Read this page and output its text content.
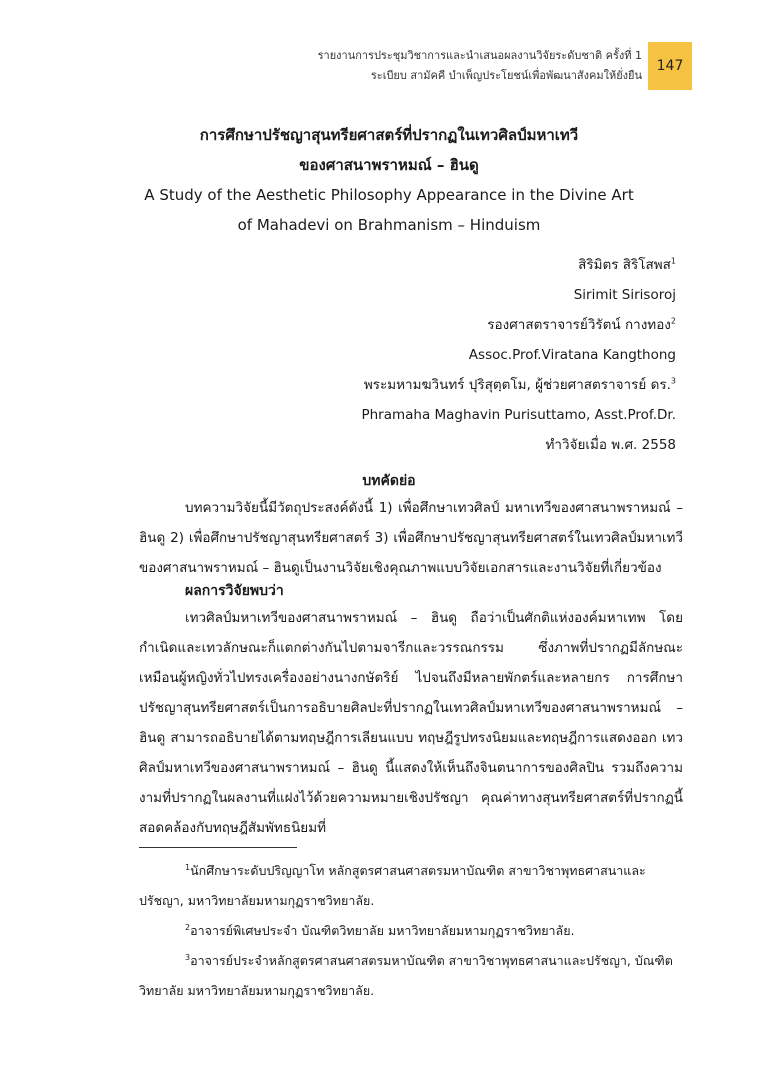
รายงานการประชุมวิชาการและนำเสนอผลงานวิจัยระดับชาติ ครั้งที่ 1
ระเบียบ สามัคคี บำเพ็ญประโยชน์เพื่อพัฒนาสังคมให้ยั่งยืน
147
การศึกษาปรัชญาสุนทรียศาสตร์ที่ปรากฏในเทวศิลป์มหาเทวี
ของศาสนาพราหมณ์ – ฮินดู
A Study of the Aesthetic Philosophy Appearance in the Divine Art
of Mahadevi on Brahmanism – Hinduism
สิริมิตร สิริโสพส$^1$
Sirimit Sirisoroj
รองศาสตราจารย์วิรัตน์ กางทอง$^2$
Assoc.Prof.Viratana Kangthong
พระมหามฆวินทร์ ปุริสุตฺตโม, ผู้ช่วยศาสตราจารย์ ดร.$^3$
Phramaha Maghavin Purisuttamo, Asst.Prof.Dr.
ทำวิจัยเมื่อ พ.ศ. 2558
บทคัดย่อ
บทความวิจัยนี้มีวัตถุประสงค์ดังนี้ 1) เพื่อศึกษาเทวศิลป์ มหาเทวีของศาสนาพราหมณ์ – ฮินดู 2) เพื่อศึกษาปรัชญาสุนทรียศาสตร์ 3) เพื่อศึกษาปรัชญาสุนทรียศาสตร์ในเทวศิลป์มหาเทวีของศาสนาพราหมณ์ – ฮินดูเป็นงานวิจัยเชิงคุณภาพแบบวิจัยเอกสารและงานวิจัยที่เกี่ยวข้อง
ผลการวิจัยพบว่า
เทวศิลป์มหาเทวีของศาสนาพราหมณ์ – ฮินดู ถือว่าเป็นศักติแห่งองค์มหาเทพ โดยกำเนิดและเทวลักษณะก็แตกต่างกันไปตามจารีกและวรรณกรรม ซึ่งภาพที่ปรากฏมีลักษณะเหมือนผู้หญิงทั่วไปทรงเครื่องอย่างนางกษัตริย์ ไปจนถึงมีหลายพักตร์และหลายกร การศึกษาปรัชญาสุนทรียศาสตร์เป็นการอธิบายศิลปะที่ปรากฏในเทวศิลป์มหาเทวีของศาสนาพราหมณ์ – ฮินดู สามารถอธิบายได้ตามทฤษฎีการเลียนแบบ ทฤษฎีรูปทรงนิยมและทฤษฎีการแสดงออก เทวศิลป์มหาเทวีของศาสนาพราหมณ์ – ฮินดู นี้แสดงให้เห็นถึงจินตนาการของศิลปิน รวมถึงความงามที่ปรากฏในผลงานที่แฝงไว้ด้วยความหมายเชิงปรัชญา คุณค่าทางสุนทรียศาสตร์ที่ปรากฏนี้สอดคล้องกับทฤษฎีสัมพัทธนิยมที่
$^1$นักศึกษาระดับปริญญาโท หลักสูตรศาสนศาสตรมหาบัณฑิต สาขาวิชาพุทธศาสนาและปรัชญา, มหาวิทยาลัยมหามกุฏราชวิทยาลัย.
$^2$อาจารย์พิเศษประจำ บัณฑิตวิทยาลัย มหาวิทยาลัยมหามกุฏราชวิทยาลัย.
$^3$อาจารย์ประจำหลักสูตรศาสนศาสตรมหาบัณฑิต สาขาวิชาพุทธศาสนาและปรัชญา, บัณฑิตวิทยาลัย มหาวิทยาลัยมหามกุฏราชวิทยาลัย.
